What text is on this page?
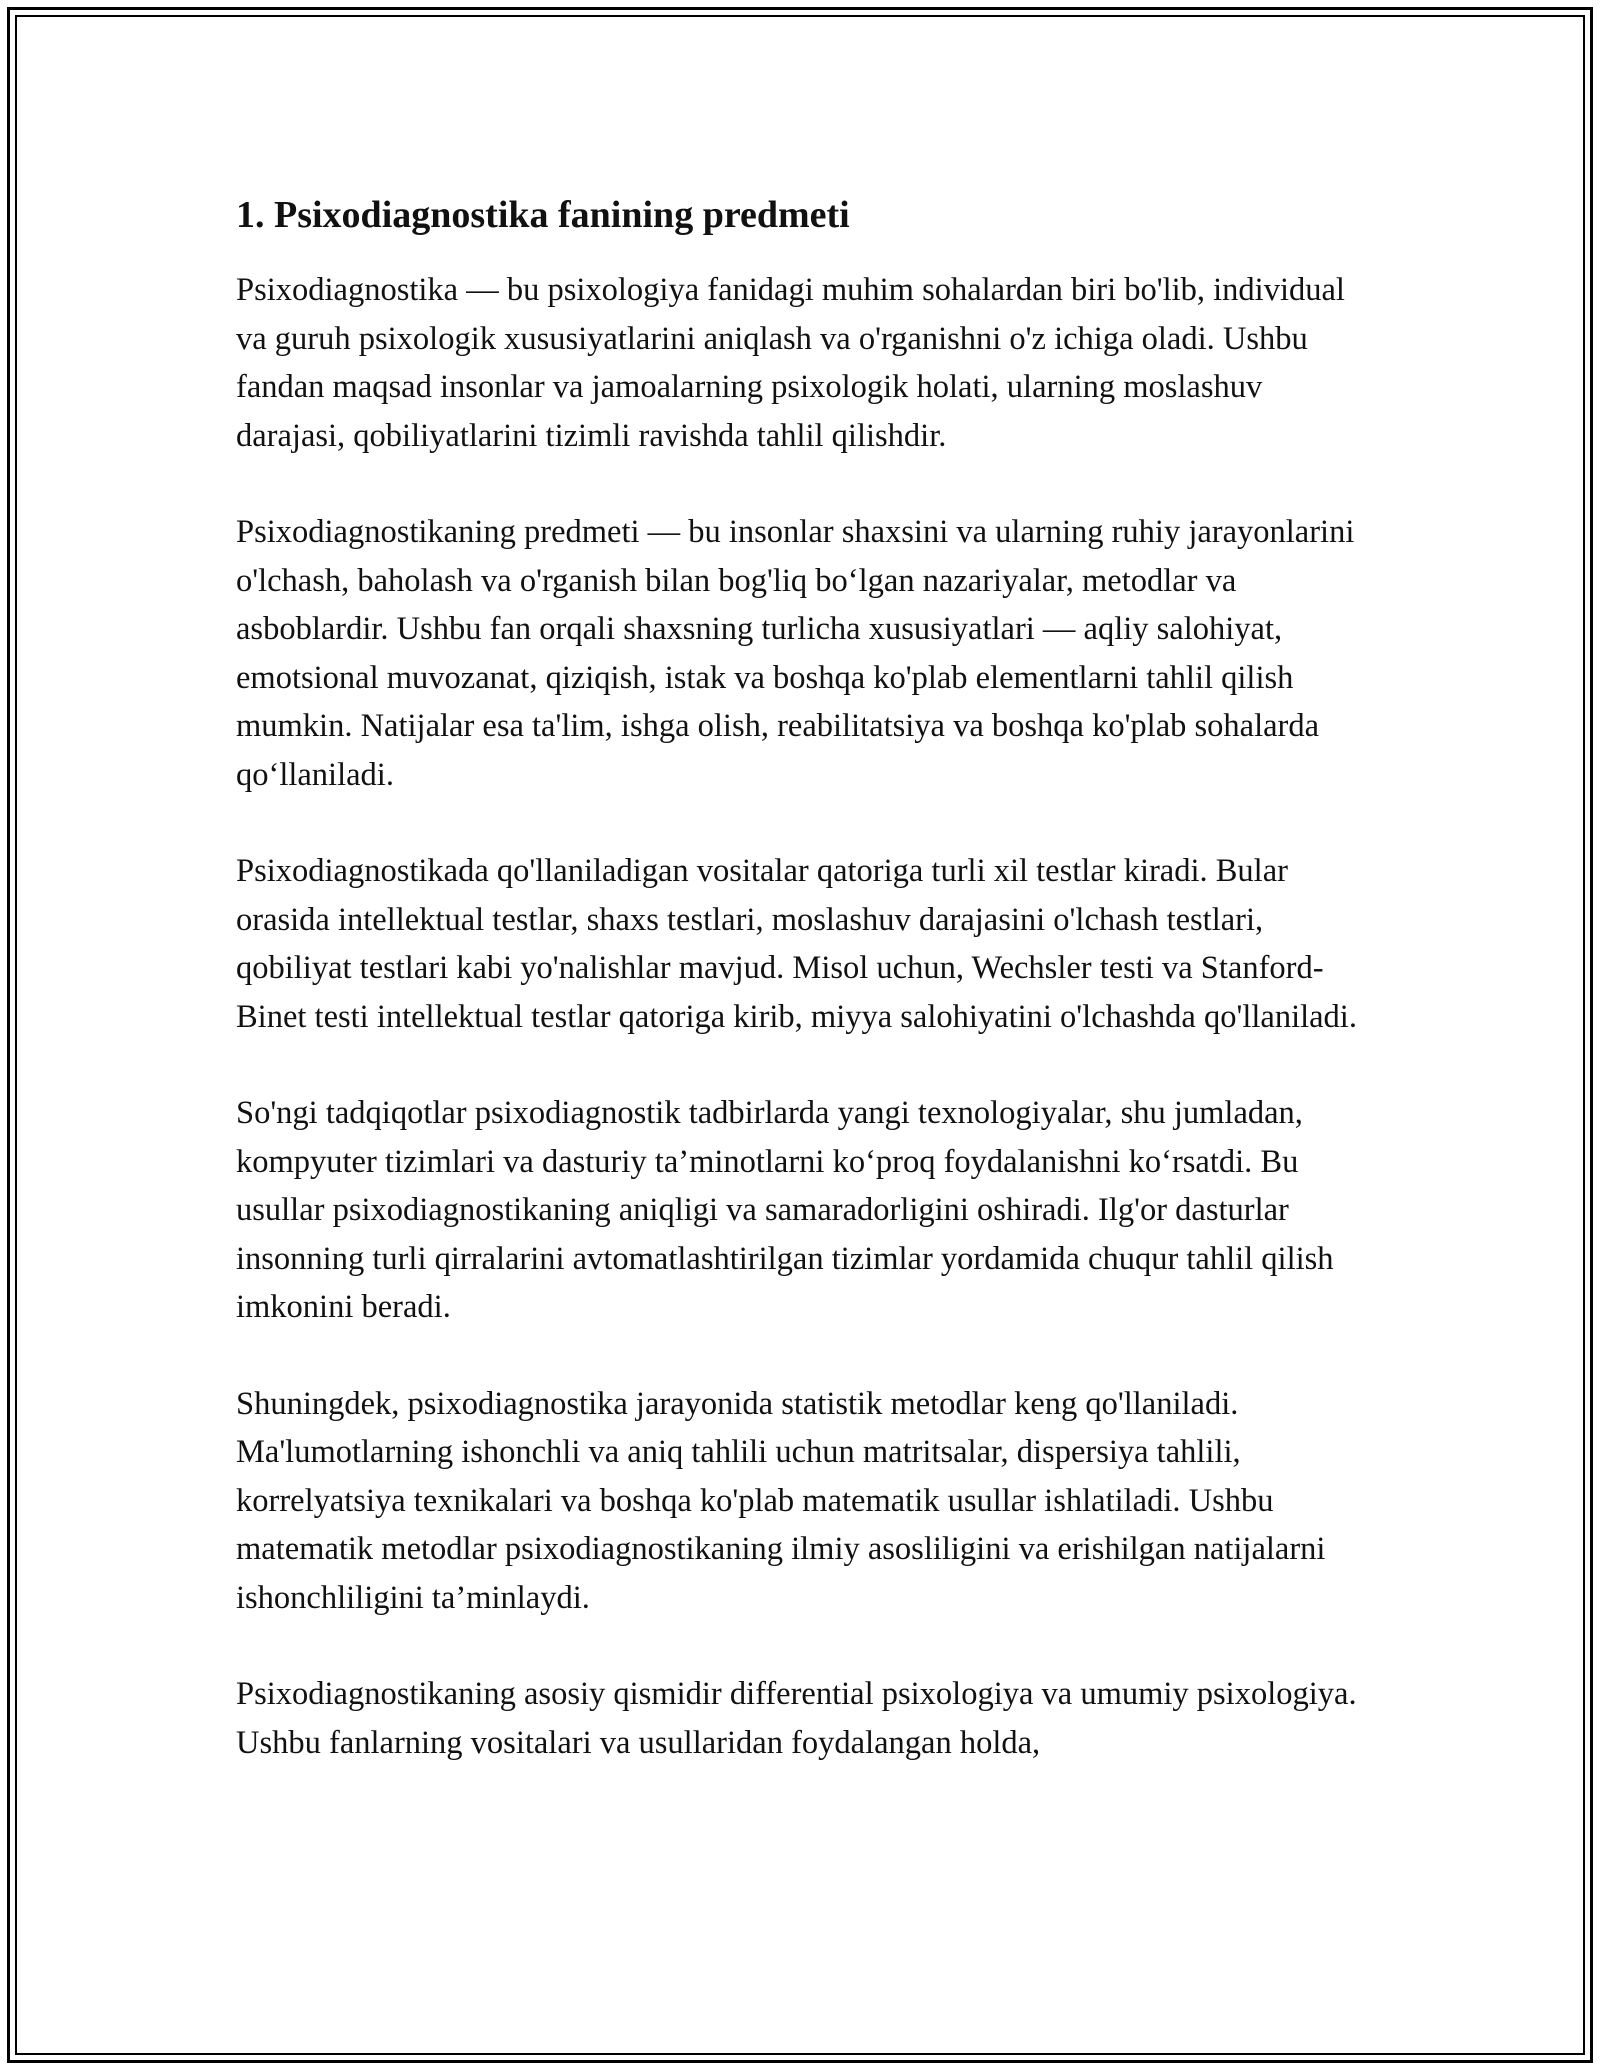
1. Psixodiagnostika fanining predmeti

Psixodiagnostika — bu psixologiya fanidagi muhim sohalardan biri bo'lib, individual va guruh psixologik xususiyatlarini aniqlash va o'rganishni o'z ichiga oladi. Ushbu fandan maqsad insonlar va jamoalarning psixologik holati, ularning moslashuv darajasi, qobiliyatlarini tizimli ravishda tahlil qilishdir.

Psixodiagnostikaning predmeti — bu insonlar shaxsini va ularning ruhiy jarayonlarini o'lchash, baholash va o'rganish bilan bog'liq bo‘lgan nazariyalar, metodlar va asboblardir. Ushbu fan orqali shaxsning turlicha xususiyatlari — aqliy salohiyat, emotsional muvozanat, qiziqish, istak va boshqa ko'plab elementlarni tahlil qilish mumkin. Natijalar esa ta'lim, ishga olish, reabilitatsiya va boshqa ko'plab sohalarda qo‘llaniladi.

Psixodiagnostikada qo'llaniladigan vositalar qatoriga turli xil testlar kiradi. Bular orasida intellektual testlar, shaxs testlari, moslashuv darajasini o'lchash testlari, qobiliyat testlari kabi yo'nalishlar mavjud. Misol uchun, Wechsler testi va Stanford-Binet testi intellektual testlar qatoriga kirib, miyya salohiyatini o'lchashda qo'llaniladi.

So'ngi tadqiqotlar psixodiagnostik tadbirlarda yangi texnologiyalar, shu jumladan, kompyuter tizimlari va dasturiy ta’minotlarni ko‘proq foydalanishni ko‘rsatdi. Bu usullar psixodiagnostikaning aniqligi va samaradorligini oshiradi. Ilg'or dasturlar insonning turli qirralarini avtomatlashtirilgan tizimlar yordamida chuqur tahlil qilish imkonini beradi.

Shuningdek, psixodiagnostika jarayonida statistik metodlar keng qo'llaniladi. Ma'lumotlarning ishonchli va aniq tahlili uchun matritsalar, dispersiya tahlili, korrelyatsiya texnikalari va boshqa ko'plab matematik usullar ishlatiladi. Ushbu matematik metodlar psixodiagnostikaning ilmiy asosliligini va erishilgan natijalarni ishonchliligini ta’minlaydi.

Psixodiagnostikaning asosiy qismidir differential psixologiya va umumiy psixologiya. Ushbu fanlarning vositalari va usullaridan foydalangan holda,
